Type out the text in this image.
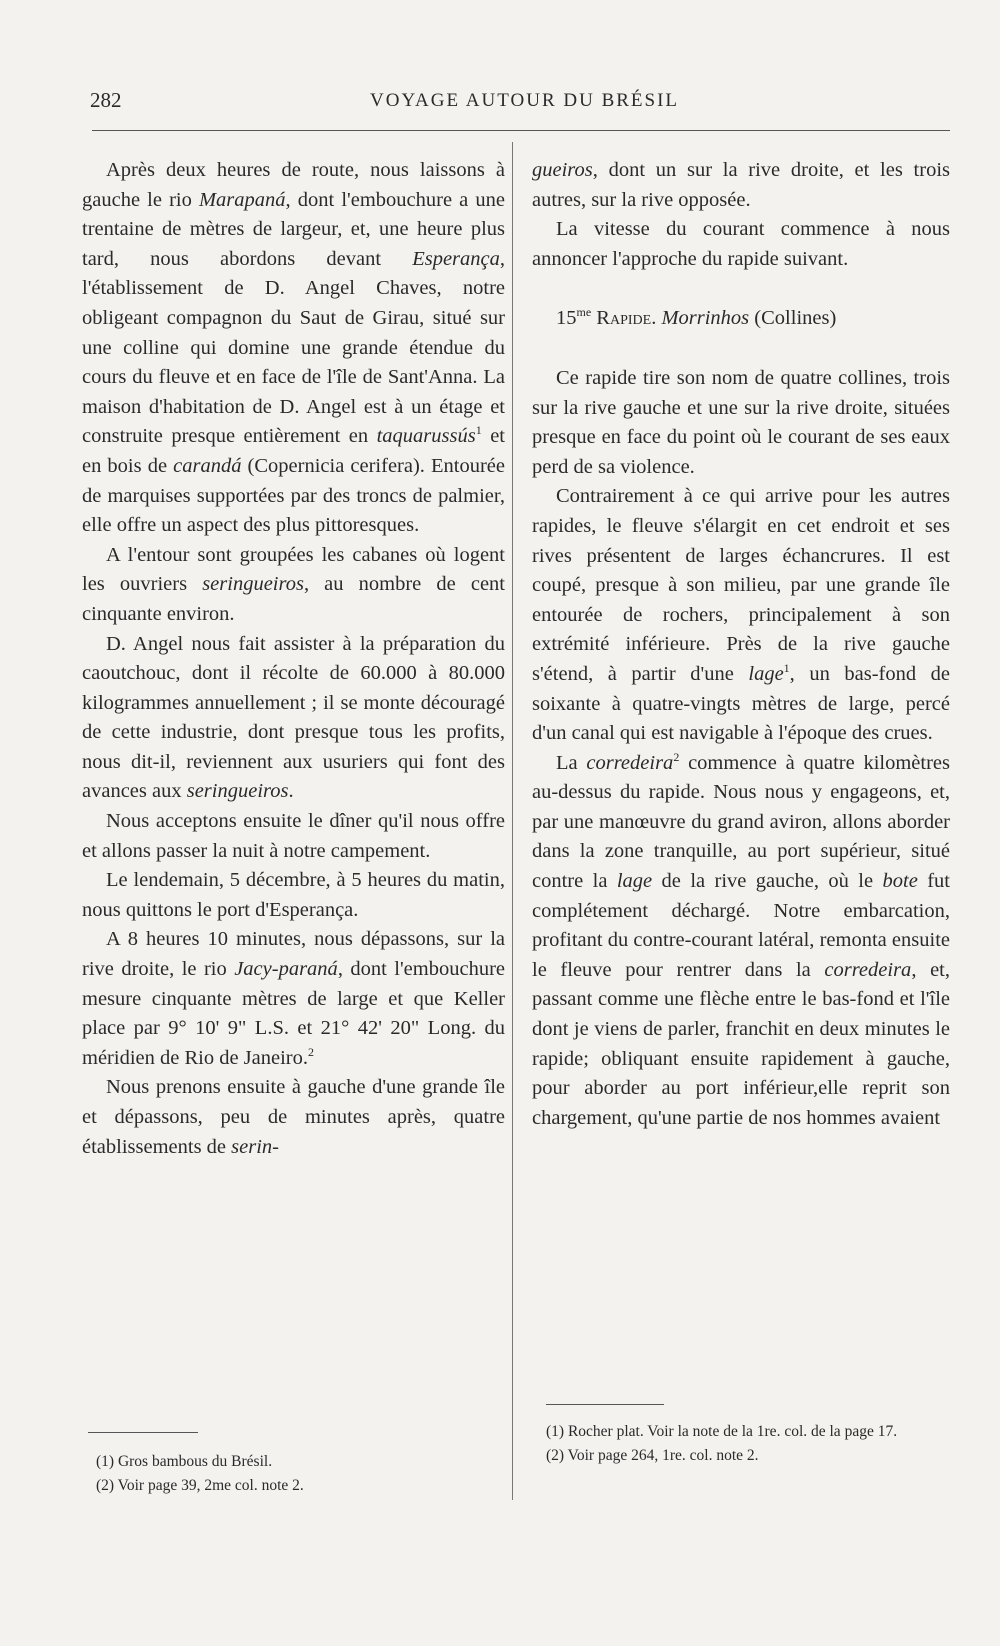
282	VOYAGE AUTOUR DU BRÉSIL

Après deux heures de route, nous laissons à gauche le rio Marapaná, dont l'embouchure a une trentaine de mètres de largeur, et, une heure plus tard, nous abordons devant Esperança, l'établissement de D. Angel Chaves, notre obligeant compagnon du Saut de Girau, situé sur une colline qui domine une grande étendue du cours du fleuve et en face de l'île de Sant'Anna. La maison d'habitation de D. Angel est à un étage et construite presque entièrement en taquarussús$^1$ et en bois de carandá (Copernicia cerifera). Entourée de marquises supportées par des troncs de palmier, elle offre un aspect des plus pittoresques.

A l'entour sont groupées les cabanes où logent les ouvriers seringueiros, au nombre de cent cinquante environ.

D. Angel nous fait assister à la préparation du caoutchouc, dont il récolte de 60.000 à 80.000 kilogrammes annuellement ; il se monte découragé de cette industrie, dont presque tous les profits, nous dit-il, reviennent aux usuriers qui font des avances aux seringueiros.

Nous acceptons ensuite le dîner qu'il nous offre et allons passer la nuit à notre campement.

Le lendemain, 5 décembre, à 5 heures du matin, nous quittons le port d'Esperança.

A 8 heures 10 minutes, nous dépassons, sur la rive droite, le rio Jacy-paraná, dont l'embouchure mesure cinquante mètres de large et que Keller place par 9° 10' 9" L.S. et 21° 42' 20" Long. du méridien de Rio de Janeiro.$^2$

Nous prenons ensuite à gauche d'une grande île et dépassons, peu de minutes après, quatre établissements de serin-

gueiros, dont un sur la rive droite, et les trois autres, sur la rive opposée.

La vitesse du courant commence à nous annoncer l'approche du rapide suivant.

$15^{me}$ Rapide. Morrinhos (Collines)

Ce rapide tire son nom de quatre collines, trois sur la rive gauche et une sur la rive droite, situées presque en face du point où le courant de ses eaux perd de sa violence.

Contrairement à ce qui arrive pour les autres rapides, le fleuve s'élargit en cet endroit et ses rives présentent de larges échancrures. Il est coupé, presque à son milieu, par une grande île entourée de rochers, principalement à son extrémité inférieure. Près de la rive gauche s'étend, à partir d'une lage$^1$, un bas-fond de soixante à quatre-vingts mètres de large, percé d'un canal qui est navigable à l'époque des crues.

La corredeira$^2$ commence à quatre kilomètres au-dessus du rapide. Nous nous y engageons, et, par une manœuvre du grand aviron, allons aborder dans la zone tranquille, au port supérieur, situé contre la lage de la rive gauche, où le bote fut complétement déchargé. Notre embarcation, profitant du contre-courant latéral, remonta ensuite le fleuve pour rentrer dans la corredeira, et, passant comme une flèche entre le bas-fond et l'île dont je viens de parler, franchit en deux minutes le rapide; obliquant ensuite rapidement à gauche, pour aborder au port inférieur,elle reprit son chargement, qu'une partie de nos hommes avaient

(1) Gros bambous du Brésil.
(2) Voir page 39, 2me col. note 2.
(1) Rocher plat. Voir la note de la 1re. col. de la page 17.
(2) Voir page 264, 1re. col. note 2.
